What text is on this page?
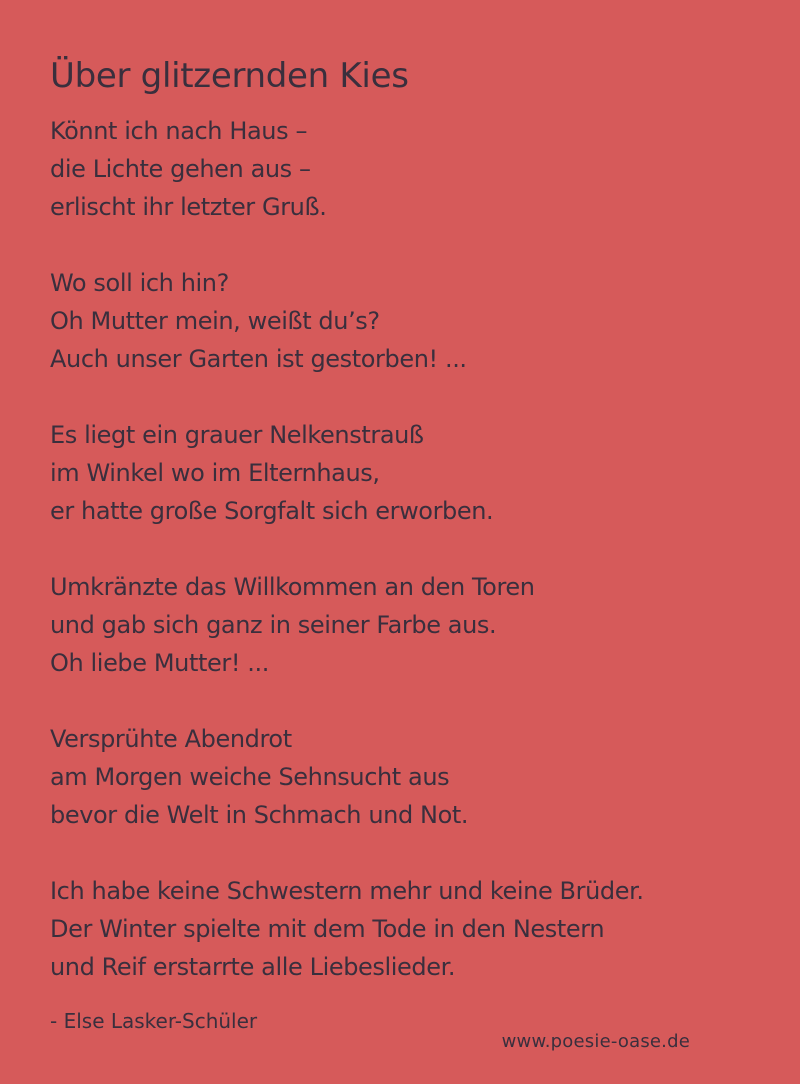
Über glitzernden Kies
Könnt ich nach Haus –
die Lichte gehen aus –
erlischt ihr letzter Gruß.
Wo soll ich hin?
Oh Mutter mein, weißt du’s?
Auch unser Garten ist gestorben! ...
Es liegt ein grauer Nelkenstrauß
im Winkel wo im Elternhaus,
er hatte große Sorgfalt sich erworben.
Umkränzte das Willkommen an den Toren
und gab sich ganz in seiner Farbe aus.
Oh liebe Mutter! ...
Versprühte Abendrot
am Morgen weiche Sehnsucht aus
bevor die Welt in Schmach und Not.
Ich habe keine Schwestern mehr und keine Brüder.
Der Winter spielte mit dem Tode in den Nestern
und Reif erstarrte alle Liebeslieder.
- Else Lasker-Schüler
www.poesie-oase.de
